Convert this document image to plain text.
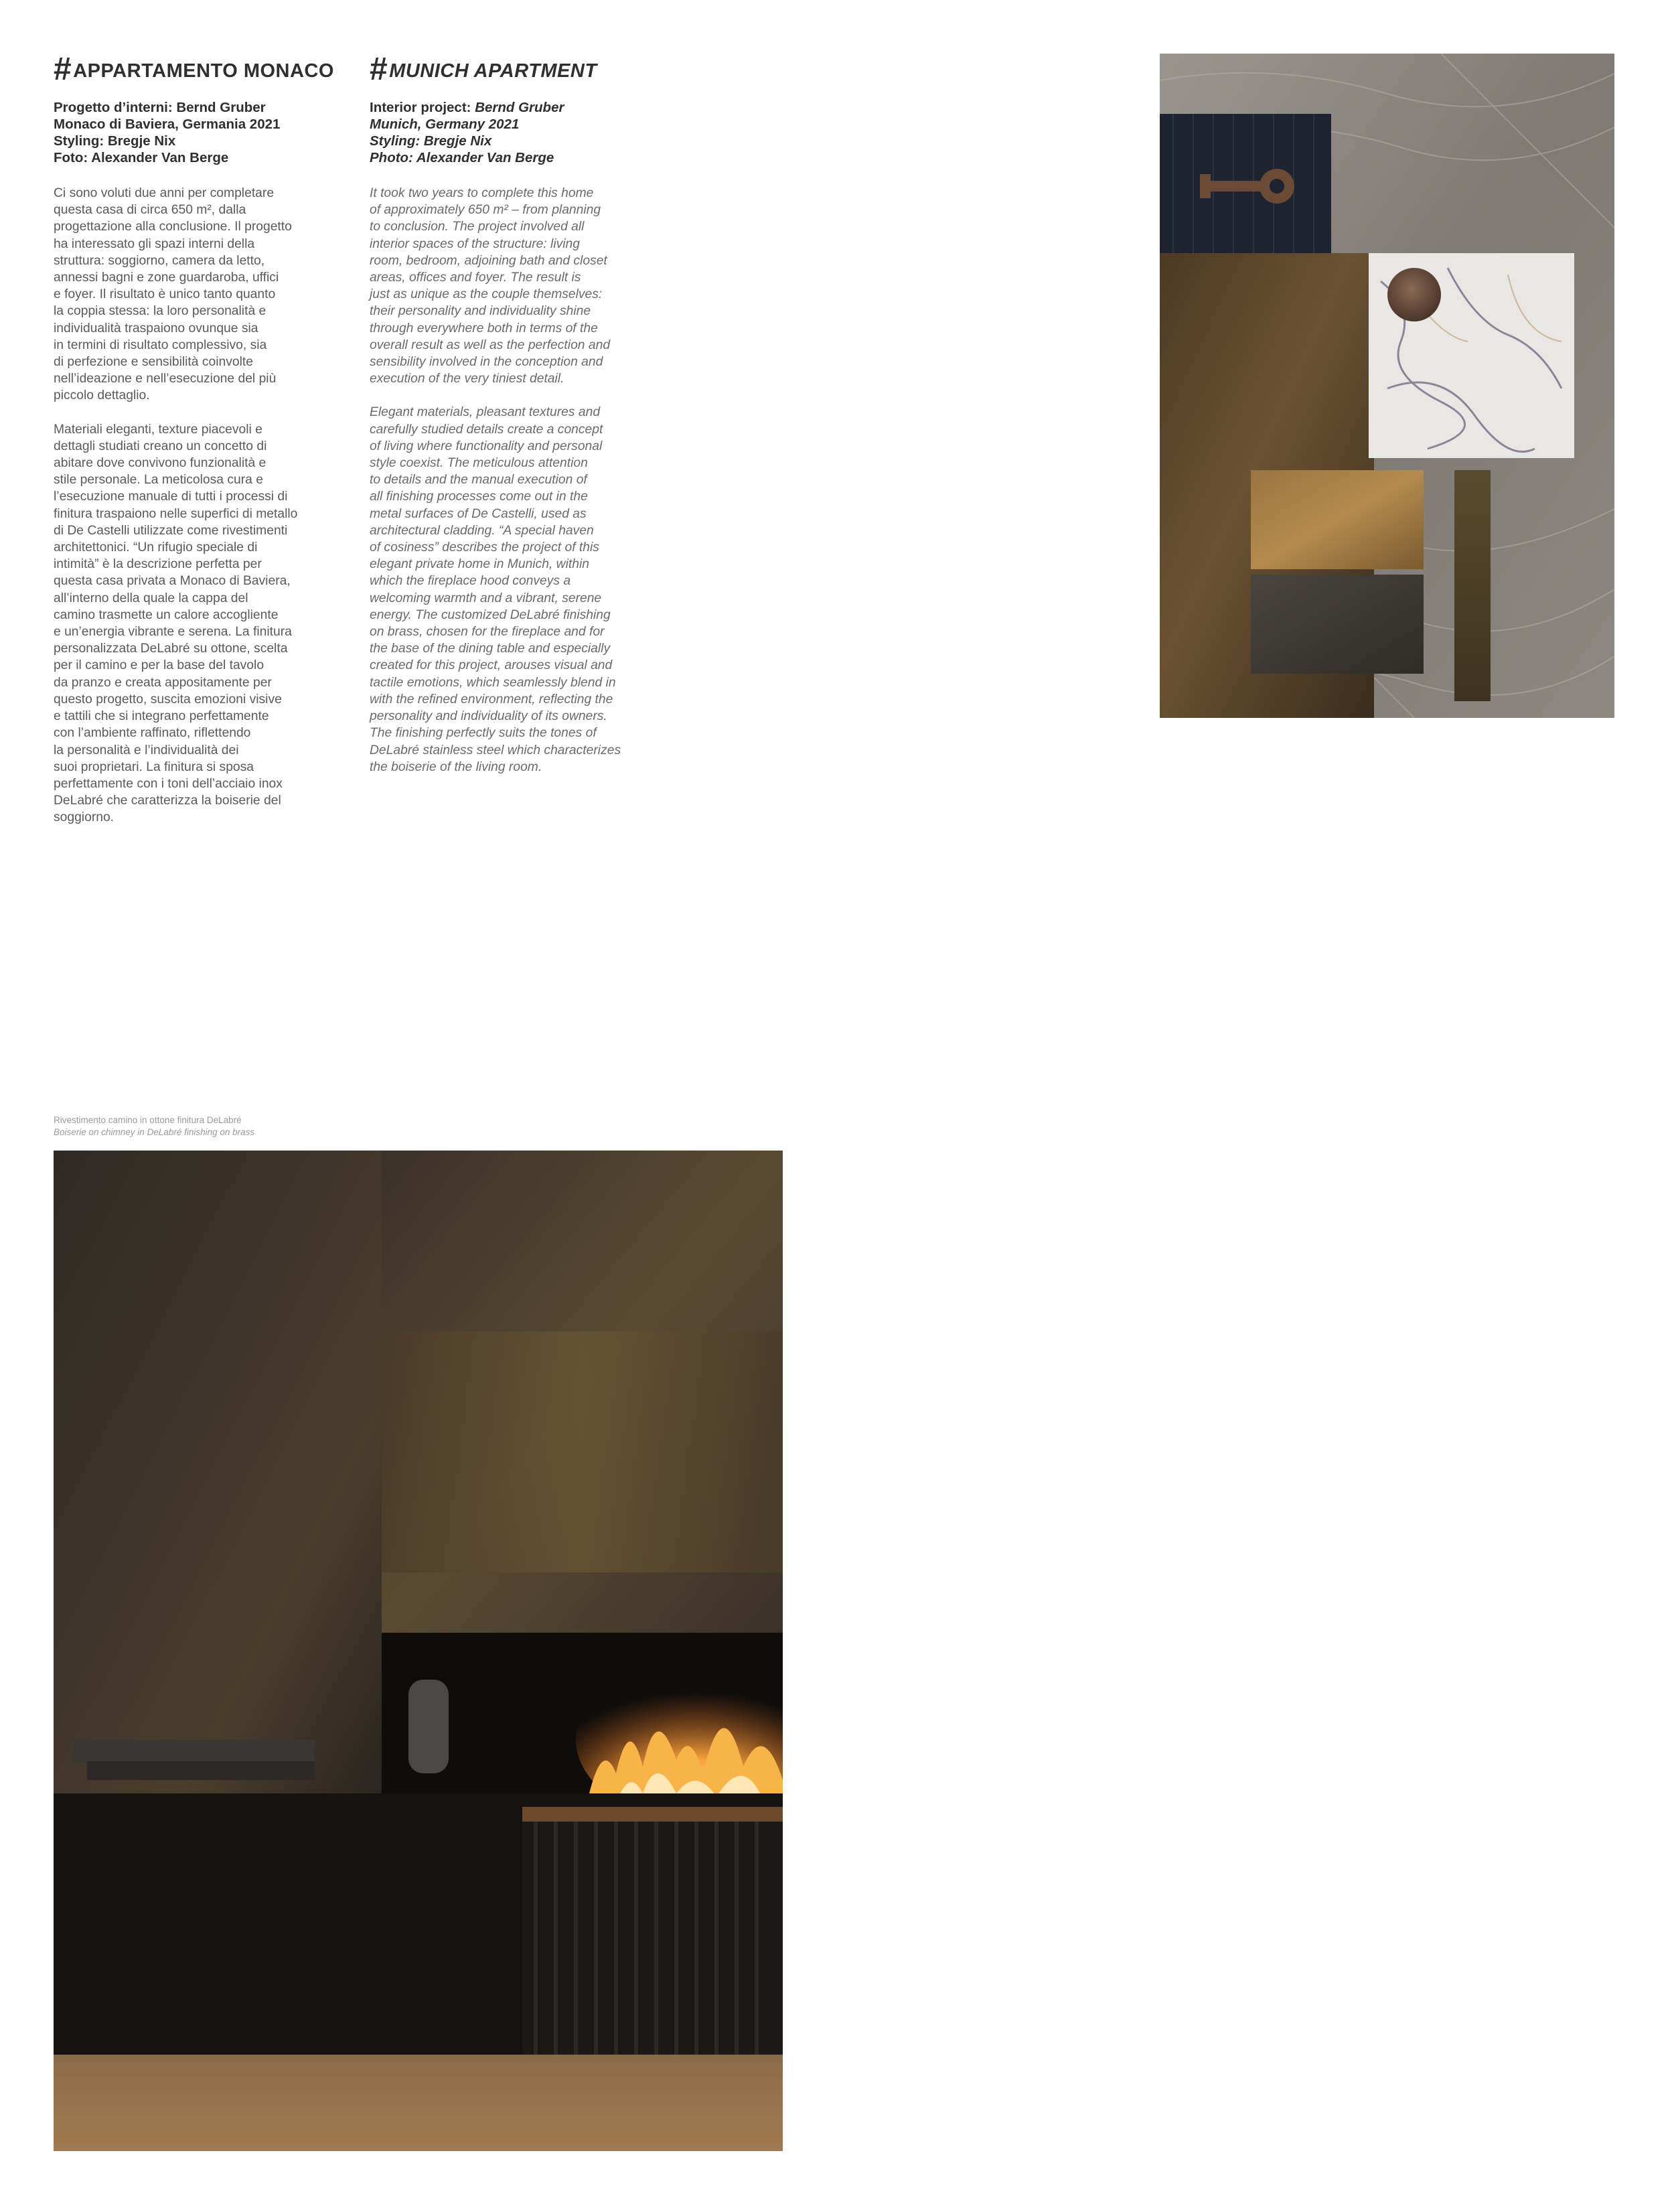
#APPARTAMENTO MONACO
Progetto d’interni: Bernd Gruber
Monaco di Baviera, Germania 2021
Styling: Bregje Nix
Foto: Alexander Van Berge

Ci sono voluti due anni per completare
questa casa di circa 650 m², dalla
progettazione alla conclusione. Il progetto
ha interessato gli spazi interni della
struttura: soggiorno, camera da letto,
annessi bagni e zone guardaroba, uffici
e foyer. Il risultato è unico tanto quanto
la coppia stessa: la loro personalità e
individualità traspaiono ovunque sia
in termini di risultato complessivo, sia
di perfezione e sensibilità coinvolte
nell’ideazione e nell’esecuzione del più
piccolo dettaglio.

Materiali eleganti, texture piacevoli e
dettagli studiati creano un concetto di
abitare dove convivono funzionalità e
stile personale. La meticolosa cura e
l’esecuzione manuale di tutti i processi di
finitura traspaiono nelle superfici di metallo
di De Castelli utilizzate come rivestimenti
architettonici. “Un rifugio speciale di
intimità” è la descrizione perfetta per
questa casa privata a Monaco di Baviera,
all’interno della quale la cappa del
camino trasmette un calore accogliente
e un’energia vibrante e serena. La finitura
personalizzata DeLabré su ottone, scelta
per il camino e per la base del tavolo
da pranzo e creata appositamente per
questo progetto, suscita emozioni visive
e tattili che si integrano perfettamente
con l’ambiente raffinato, riflettendo
la personalità e l’individualità dei
suoi proprietari. La finitura si sposa
perfettamente con i toni dell’acciaio inox
DeLabré che caratterizza la boiserie del
soggiorno.

#MUNICH APARTMENT
Interior project: Bernd Gruber
Munich, Germany 2021
Styling: Bregje Nix
Photo: Alexander Van Berge

It took two years to complete this home
of approximately 650 m² – from planning
to conclusion. The project involved all
interior spaces of the structure: living
room, bedroom, adjoining bath and closet
areas, offices and foyer. The result is
just as unique as the couple themselves:
their personality and individuality shine
through everywhere both in terms of the
overall result as well as the perfection and
sensibility involved in the conception and
execution of the very tiniest detail.

Elegant materials, pleasant textures and
carefully studied details create a concept
of living where functionality and personal
style coexist. The meticulous attention
to details and the manual execution of
all finishing processes come out in the
metal surfaces of De Castelli, used as
architectural cladding. “A special haven
of cosiness” describes the project of this
elegant private home in Munich, within
which the fireplace hood conveys a
welcoming warmth and a vibrant, serene
energy. The customized DeLabré finishing
on brass, chosen for the fireplace and for
the base of the dining table and especially
created for this project, arouses visual and
tactile emotions, which seamlessly blend in
with the refined environment, reflecting the
personality and individuality of its owners.
The finishing perfectly suits the tones of
DeLabré stainless steel which characterizes
the boiserie of the living room.

Rivestimento camino in ottone finitura DeLabré
Boiserie on chimney in DeLabré finishing on brass
